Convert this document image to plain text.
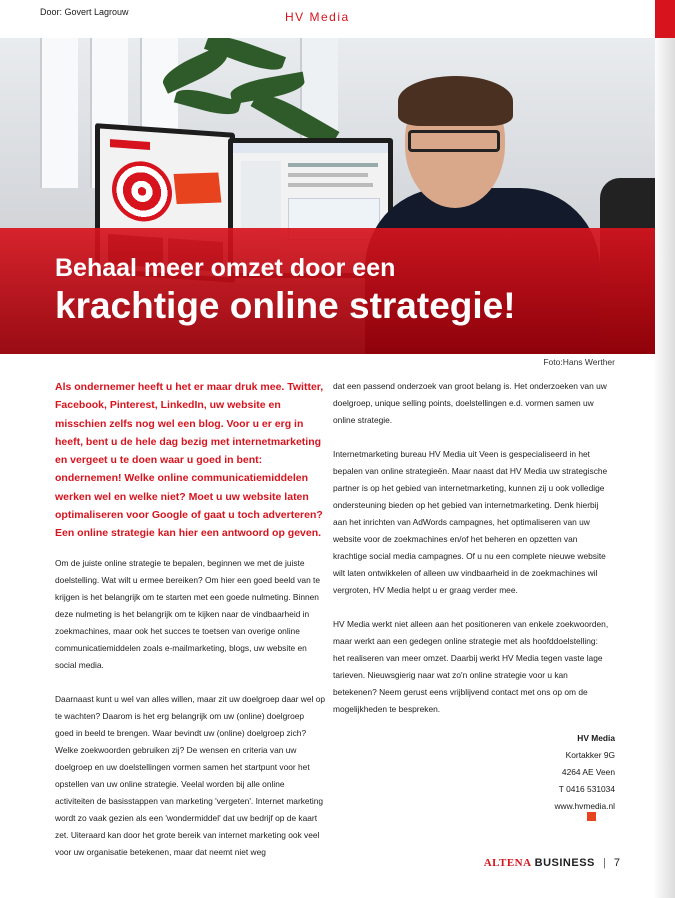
Door: Govert Lagrouw	HV Media
Behaal meer omzet door een
krachtige online strategie!
Foto:Hans Werther

Als ondernemer heeft u het er maar druk mee. Twitter, Facebook, Pinterest, LinkedIn, uw website en misschien zelfs nog wel een blog. Voor u er erg in heeft, bent u de hele dag bezig met internetmarketing en vergeet u te doen waar u goed in bent: ondernemen! Welke online communicatiemiddelen werken wel en welke niet? Moet u uw website laten optimaliseren voor Google of gaat u toch adverteren? Een online strategie kan hier een antwoord op geven.

Om de juiste online strategie te bepalen, beginnen we met de juiste doelstelling. Wat wilt u ermee bereiken? Om hier een goed beeld van te krijgen is het belangrijk om te starten met een goede nulmeting. Binnen deze nulmeting is het belangrijk om te kijken naar de vindbaarheid in zoekmachines, maar ook het succes te toetsen van overige online communicatiemiddelen zoals e-mailmarketing, blogs, uw website en social media.

Daarnaast kunt u wel van alles willen, maar zit uw doelgroep daar wel op te wachten? Daarom is het erg belangrijk om uw (online) doelgroep goed in beeld te brengen. Waar bevindt uw (online) doelgroep zich? Welke zoekwoorden gebruiken zij? De wensen en criteria van uw doelgroep en uw doelstellingen vormen samen het startpunt voor het opstellen van uw online strategie. Veelal worden bij alle online activiteiten de basisstappen van marketing 'vergeten'. Internet marketing wordt zo vaak gezien als een 'wondermiddel' dat uw bedrijf op de kaart zet. Uiteraard kan door het grote bereik van internet marketing ook veel voor uw organisatie betekenen, maar dat neemt niet weg

dat een passend onderzoek van groot belang is. Het onderzoeken van uw doelgroep, unique selling points, doelstellingen e.d. vormen samen uw online strategie.

Internetmarketing bureau HV Media uit Veen is gespecialiseerd in het bepalen van online strategieën. Maar naast dat HV Media uw strategische partner is op het gebied van internetmarketing, kunnen zij u ook volledige ondersteuning bieden op het gebied van internetmarketing. Denk hierbij aan het inrichten van AdWords campagnes, het optimaliseren van uw website voor de zoekmachines en/of het beheren en opzetten van krachtige social media campagnes. Of u nu een complete nieuwe website wilt laten ontwikkelen of alleen uw vindbaarheid in de zoekmachines wil vergroten, HV Media helpt u er graag verder mee.

HV Media werkt niet alleen aan het positioneren van enkele zoekwoorden, maar werkt aan een gedegen online strategie met als hoofddoelstelling: het realiseren van meer omzet. Daarbij werkt HV Media tegen vaste lage tarieven. Nieuwsgierig naar wat zo'n online strategie voor u kan betekenen? Neem gerust eens vrijblijvend contact met ons op om de mogelijkheden te bespreken.

HV Media
Kortakker 9G
4264 AE Veen
T 0416 531034
www.hvmedia.nl
ALTENA BUSINESS | 7
